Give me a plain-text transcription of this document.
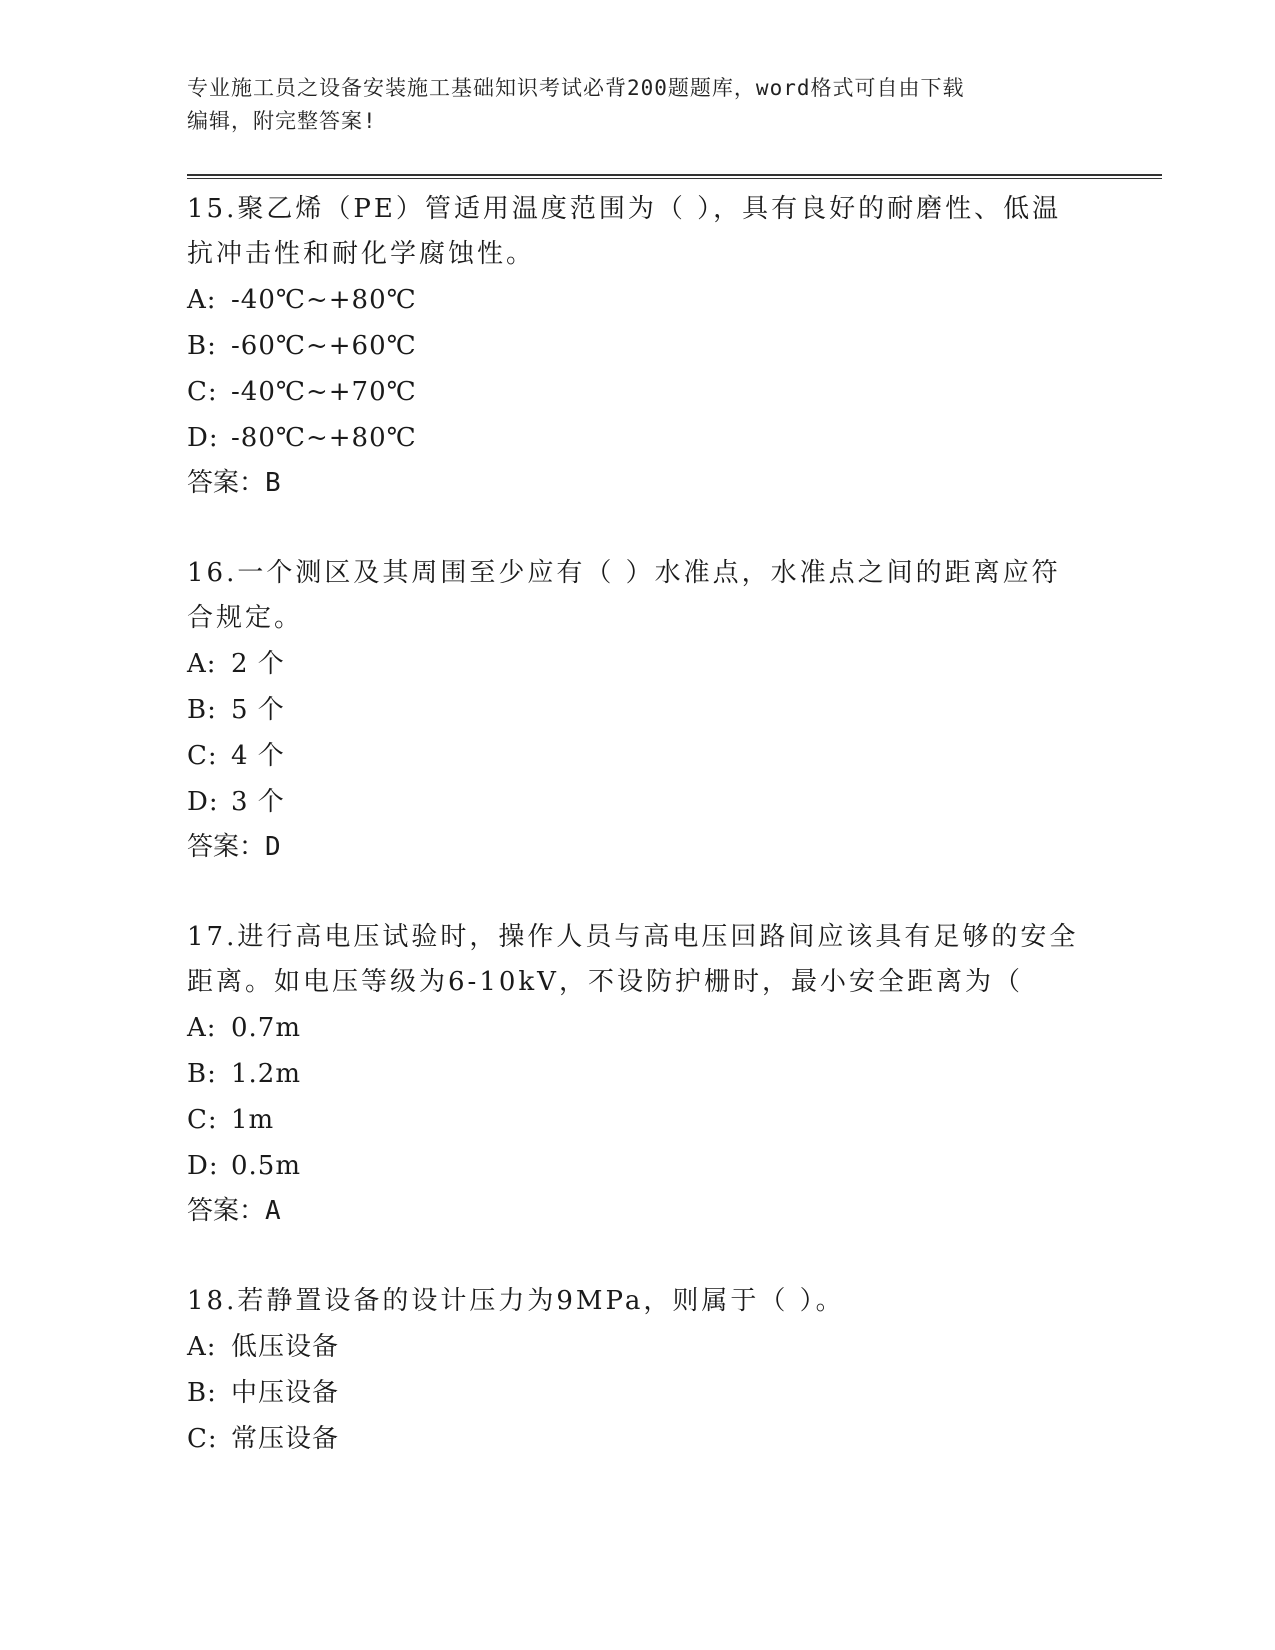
专业施工员之设备安装施工基础知识考试必背200题题库，word格式可自由下载
编辑，附完整答案!

15.聚乙烯（PE）管适用温度范围为（ ），具有良好的耐磨性、低温

抗冲击性和耐化学腐蚀性。

A: -40℃~+80℃

B: -60℃~+60℃

C: -40℃~+70℃

D: -80℃~+80℃

答案：B

16.一个测区及其周围至少应有（ ）水准点，水准点之间的距离应符

合规定。

A: 2 个

B: 5 个

C: 4 个

D: 3 个

答案：D

17.进行高电压试验时，操作人员与高电压回路间应该具有足够的安全

距离。如电压等级为6-10kV，不设防护栅时，最小安全距离为（

A: 0.7m

B: 1.2m

C: 1m

D: 0.5m

答案：A

18.若静置设备的设计压力为9MPa，则属于（ ）。

A: 低压设备

B: 中压设备

C: 常压设备
